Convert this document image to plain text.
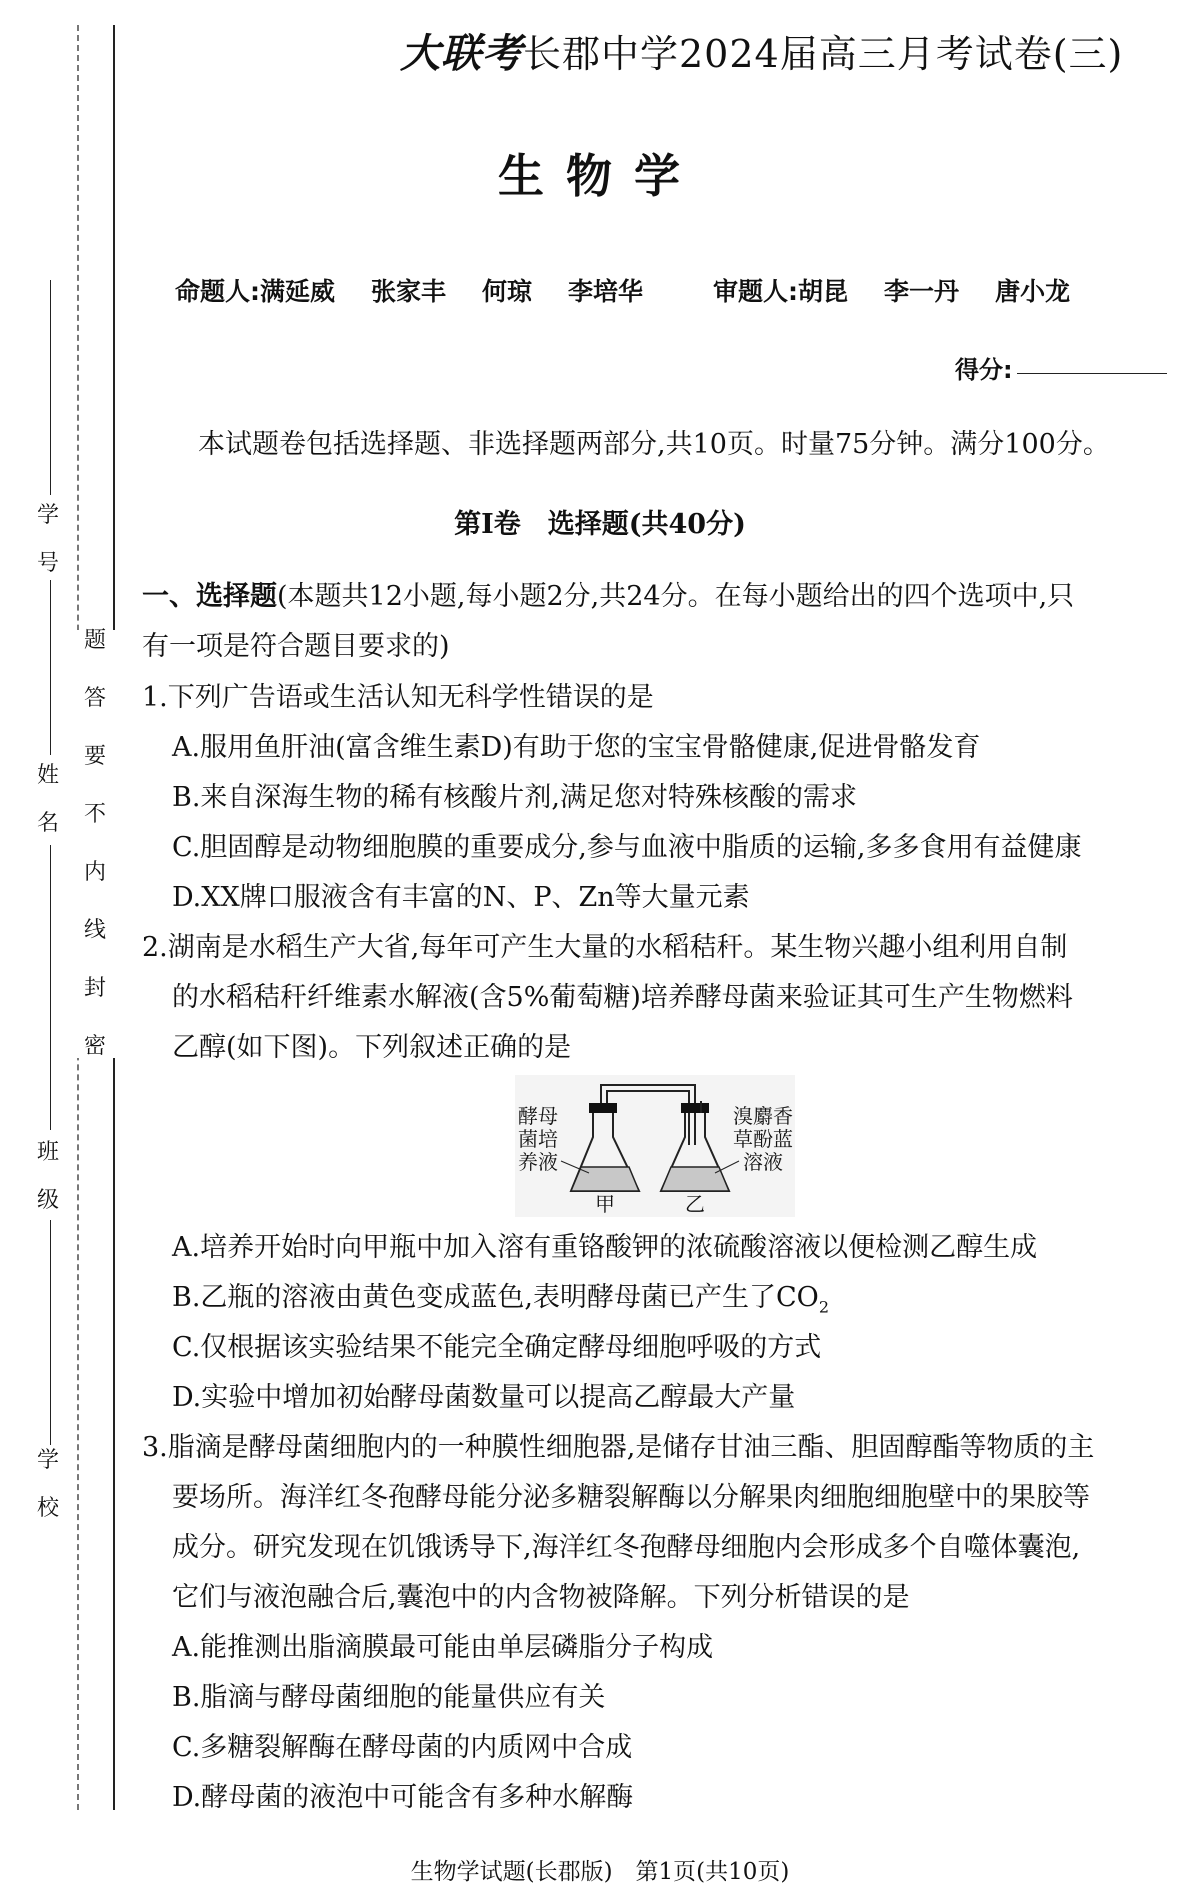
学
号
姓
名
班
级
学
校
题
答
要
不
内
线
封
密
大联考长郡中学2024届高三月考试卷(三)
生物学
命题人:满延威 张家丰 何琼 李培华	审题人:胡昆 李一丹 唐小龙
得分:
本试题卷包括选择题、非选择题两部分,共10页。时量75分钟。满分100分。
第Ⅰ卷　选择题(共40分)
一、选择题(本题共12小题,每小题2分,共24分。在每小题给出的四个选项中,只
有一项是符合题目要求的)
1.下列广告语或生活认知无科学性错误的是
A.服用鱼肝油(富含维生素D)有助于您的宝宝骨骼健康,促进骨骼发育
B.来自深海生物的稀有核酸片剂,满足您对特殊核酸的需求
C.胆固醇是动物细胞膜的重要成分,参与血液中脂质的运输,多多食用有益健康
D.XX牌口服液含有丰富的N、P、Zn等大量元素
2.湖南是水稻生产大省,每年可产生大量的水稻秸秆。某生物兴趣小组利用自制
的水稻秸秆纤维素水解液(含5%葡萄糖)培养酵母菌来验证其可生产生物燃料
乙醇(如下图)。下列叙述正确的是
酵母
菌培
养液
溴麝香
草酚蓝
溶液
甲	乙
A.培养开始时向甲瓶中加入溶有重铬酸钾的浓硫酸溶液以便检测乙醇生成
B.乙瓶的溶液由黄色变成蓝色,表明酵母菌已产生了$CO_2$
C.仅根据该实验结果不能完全确定酵母细胞呼吸的方式
D.实验中增加初始酵母菌数量可以提高乙醇最大产量
3.脂滴是酵母菌细胞内的一种膜性细胞器,是储存甘油三酯、胆固醇酯等物质的主
要场所。海洋红冬孢酵母能分泌多糖裂解酶以分解果肉细胞细胞壁中的果胶等
成分。研究发现在饥饿诱导下,海洋红冬孢酵母细胞内会形成多个自噬体囊泡,
它们与液泡融合后,囊泡中的内含物被降解。下列分析错误的是
A.能推测出脂滴膜最可能由单层磷脂分子构成
B.脂滴与酵母菌细胞的能量供应有关
C.多糖裂解酶在酵母菌的内质网中合成
D.酵母菌的液泡中可能含有多种水解酶
生物学试题(长郡版)　第1页(共10页)
